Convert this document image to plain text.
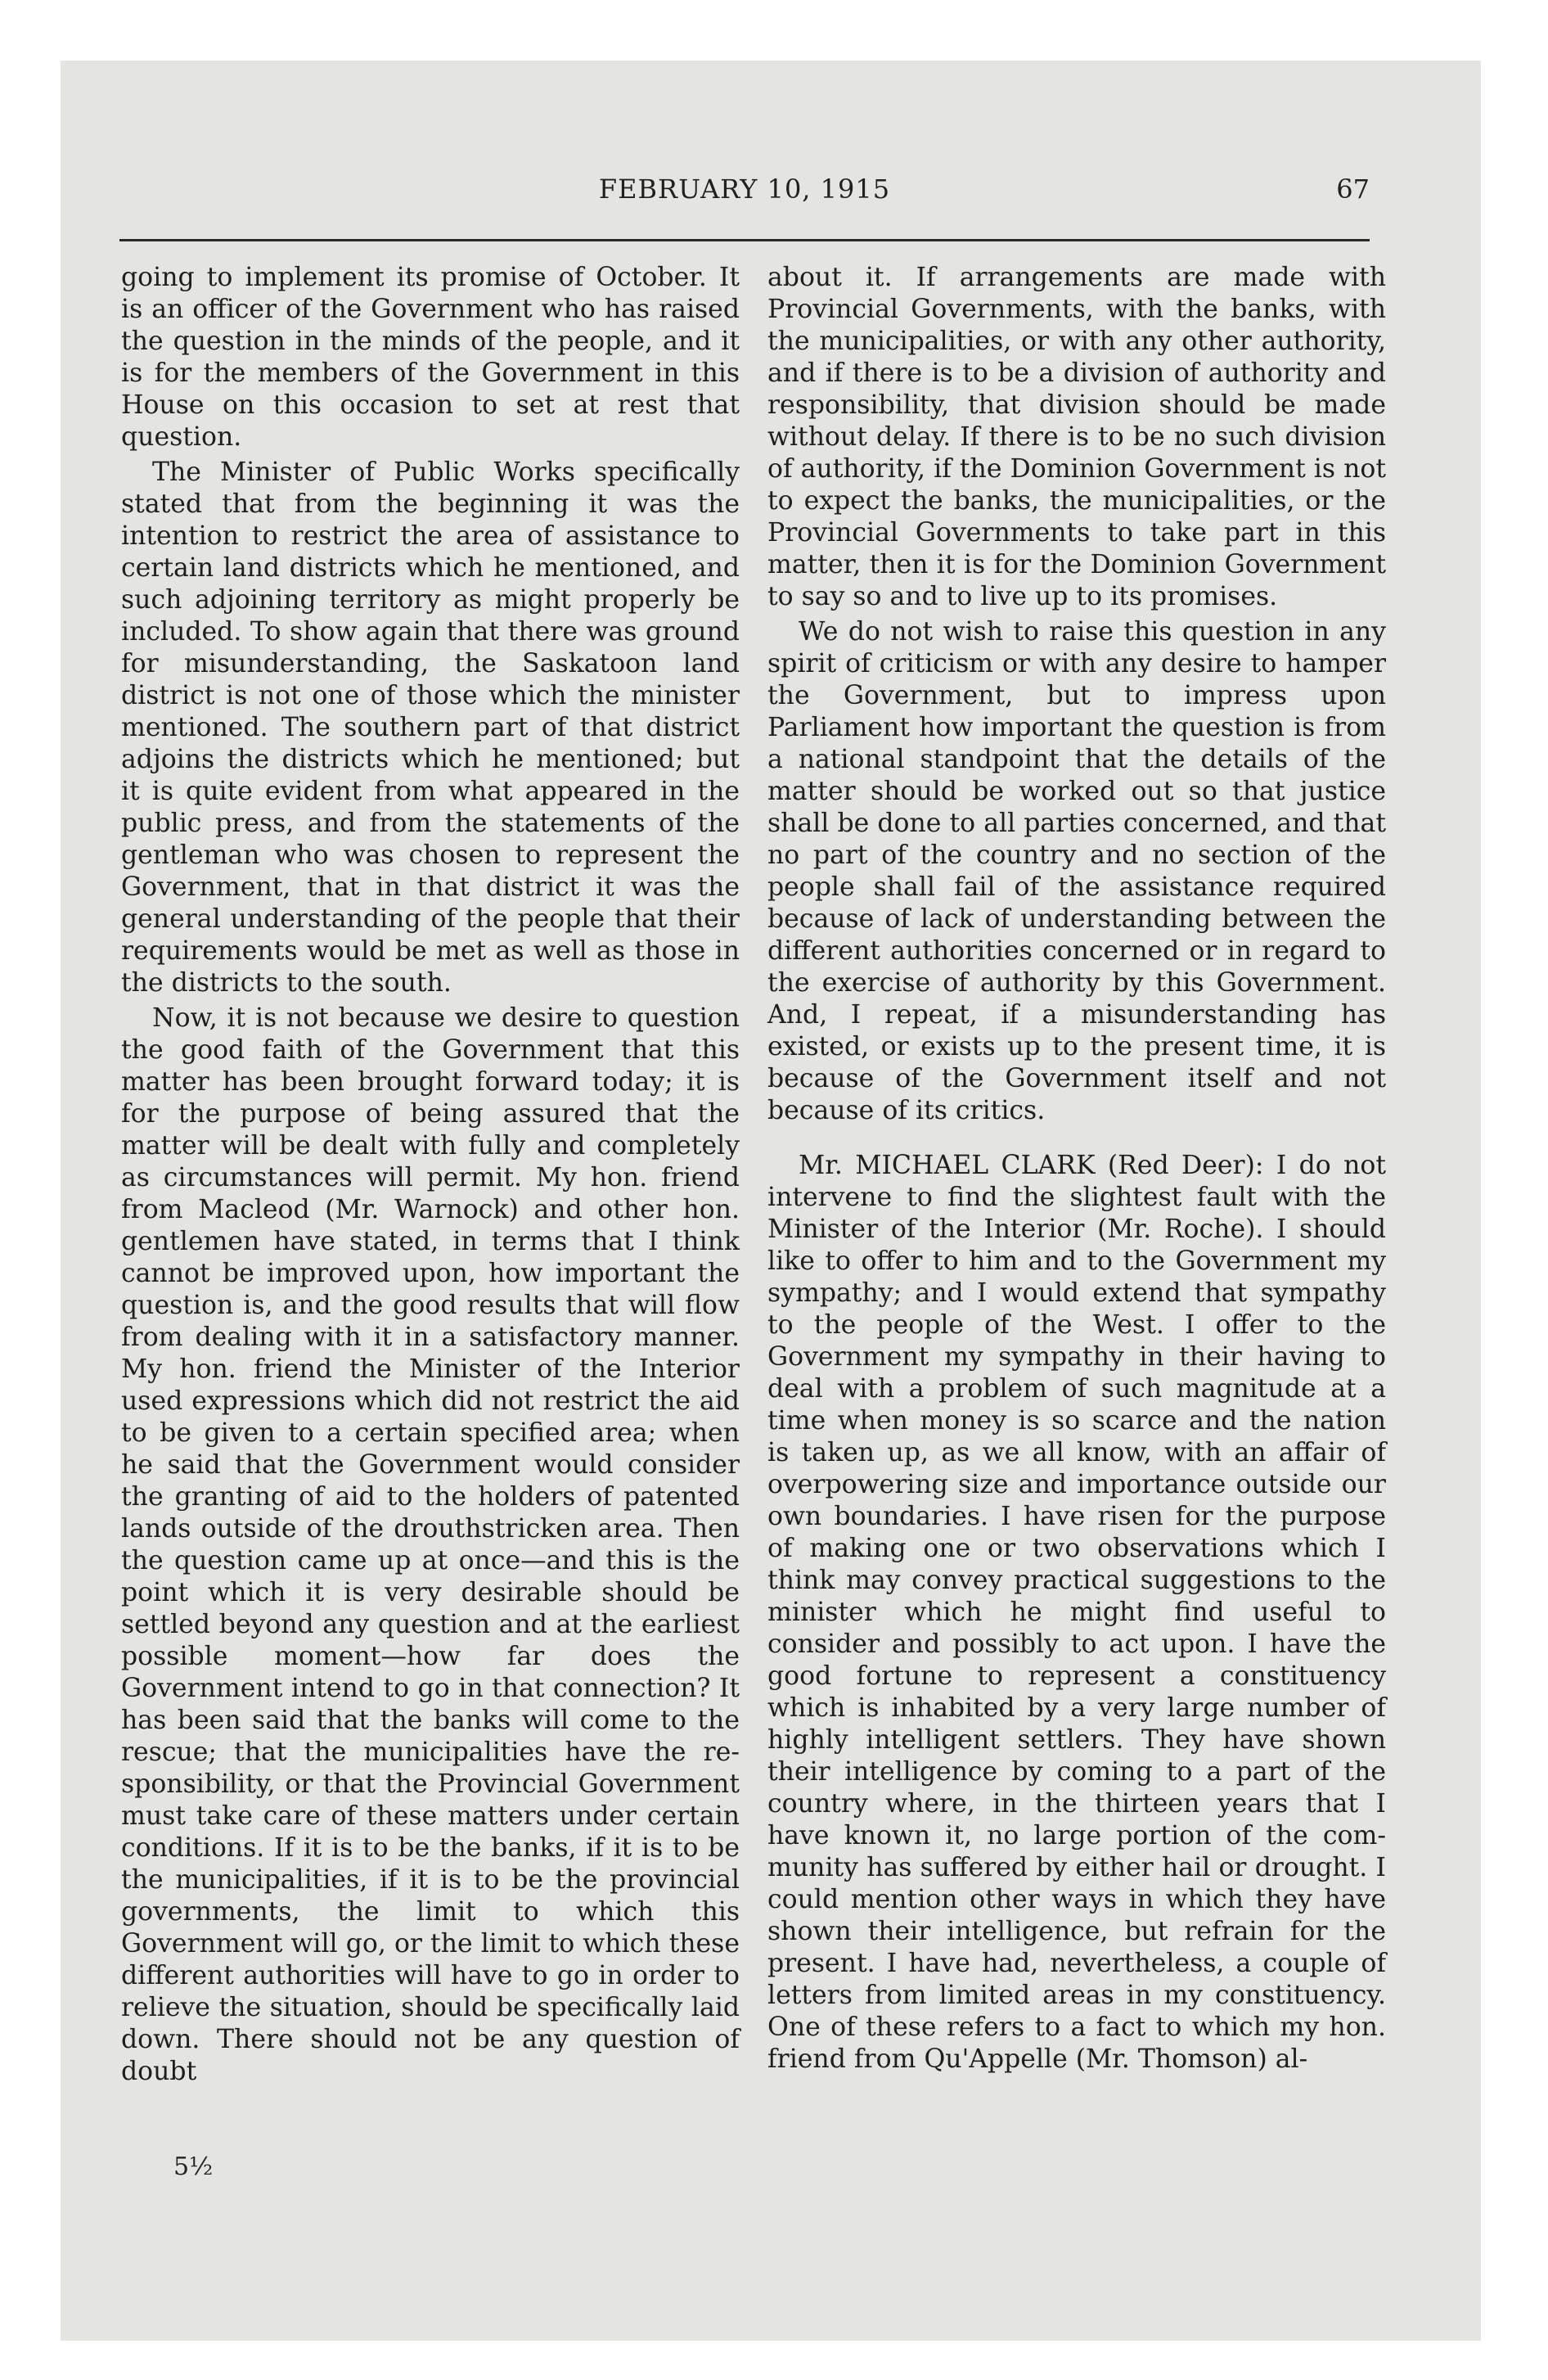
FEBRUARY 10, 1915	67

going to implement its promise of October. It is an officer of the Government who has raised the question in the minds of the people, and it is for the members of the Government in this House on this occasion to set at rest that question.

The Minister of Public Works specifically stated that from the beginning it was the intention to restrict the area of assistance to certain land districts which he mentioned, and such adjoining territory as might properly be included. To show again that there was ground for misunderstanding, the Saskatoon land district is not one of those which the minister mentioned. The southern part of that district adjoins the districts which he mentioned; but it is quite evident from what appeared in the public press, and from the statements of the gentleman who was chosen to represent the Government, that in that district it was the general understanding of the people that their requirements would be met as well as those in the districts to the south.

Now, it is not because we desire to question the good faith of the Government that this matter has been brought forward today; it is for the purpose of being assured that the matter will be dealt with fully and completely as circumstances will permit. My hon. friend from Macleod (Mr. Warnock) and other hon. gentlemen have stated, in terms that I think cannot be improved upon, how important the question is, and the good results that will flow from dealing with it in a satisfactory manner. My hon. friend the Minister of the Interior used expressions which did not restrict the aid to be given to a certain specified area; when he said that the Government would consider the granting of aid to the holders of patented lands outside of the drouthstricken area. Then the question came up at once—and this is the point which it is very desirable should be settled beyond any question and at the earliest possible moment—how far does the Government intend to go in that connection? It has been said that the banks will come to the rescue; that the municipalities have the responsibility, or that the Provincial Government must take care of these matters under certain conditions. If it is to be the banks, if it is to be the municipalities, if it is to be the provincial governments, the limit to which this Government will go, or the limit to which these different authorities will have to go in order to relieve the situation, should be specifically laid down. There should not be any question of doubt

about it. If arrangements are made with Provincial Governments, with the banks, with the municipalities, or with any other authority, and if there is to be a division of authority and responsibility, that division should be made without delay. If there is to be no such division of authority, if the Dominion Government is not to expect the banks, the municipalities, or the Provincial Governments to take part in this matter, then it is for the Dominion Government to say so and to live up to its promises.

We do not wish to raise this question in any spirit of criticism or with any desire to hamper the Government, but to impress upon Parliament how important the question is from a national standpoint that the details of the matter should be worked out so that justice shall be done to all parties concerned, and that no part of the country and no section of the people shall fail of the assistance required because of lack of understanding between the different authorities concerned or in regard to the exercise of authority by this Government. And, I repeat, if a misunderstanding has existed, or exists up to the present time, it is because of the Government itself and not because of its critics.

Mr. MICHAEL CLARK (Red Deer): I do not intervene to find the slightest fault with the Minister of the Interior (Mr. Roche). I should like to offer to him and to the Government my sympathy; and I would extend that sympathy to the people of the West. I offer to the Government my sympathy in their having to deal with a problem of such magnitude at a time when money is so scarce and the nation is taken up, as we all know, with an affair of overpowering size and importance outside our own boundaries. I have risen for the purpose of making one or two observations which I think may convey practical suggestions to the minister which he might find useful to consider and possibly to act upon. I have the good fortune to represent a constituency which is inhabited by a very large number of highly intelligent settlers. They have shown their intelligence by coming to a part of the country where, in the thirteen years that I have known it, no large portion of the community has suffered by either hail or drought. I could mention other ways in which they have shown their intelligence, but refrain for the present. I have had, nevertheless, a couple of letters from limited areas in my constituency. One of these refers to a fact to which my hon. friend from Qu'Appelle (Mr. Thomson) al-

5½
